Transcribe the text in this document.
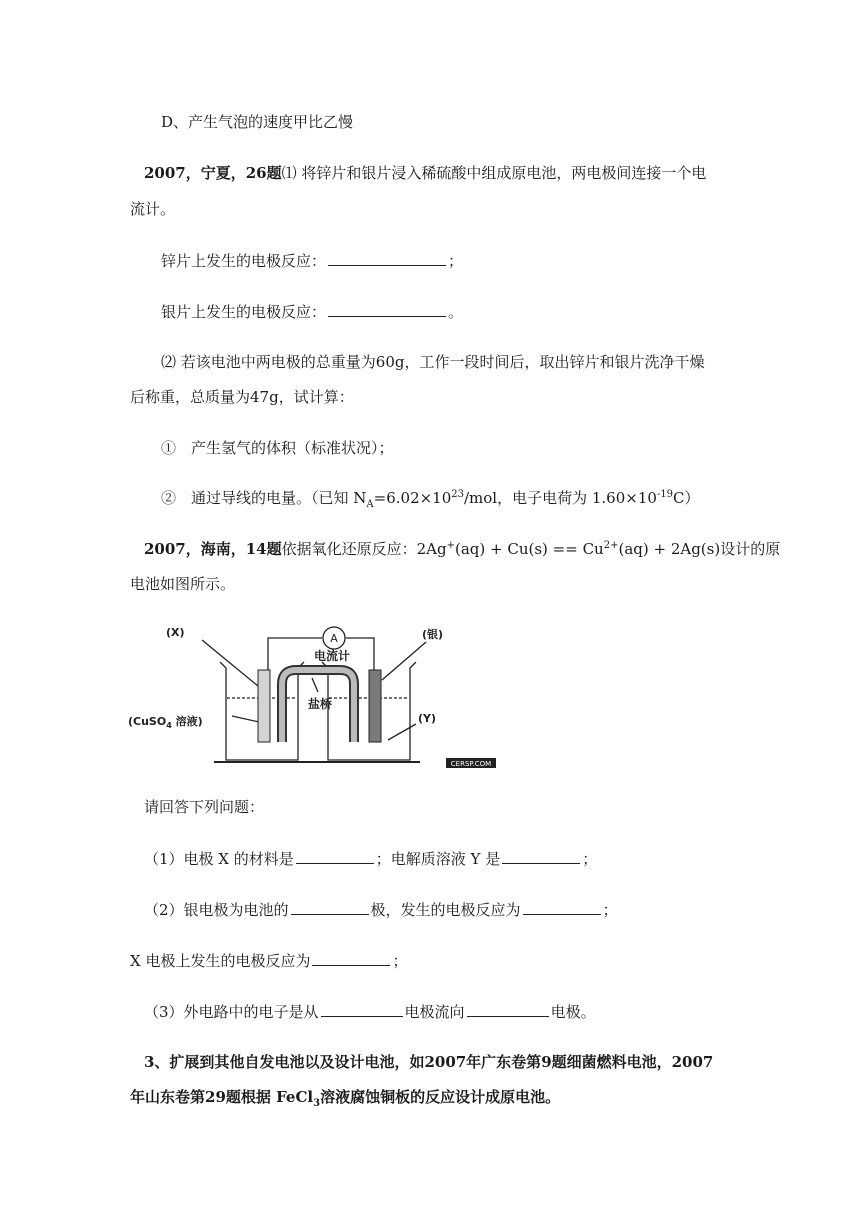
D、产生气泡的速度甲比乙慢
2007，宁夏，26题⑴ 将锌片和银片浸入稀硫酸中组成原电池，两电极间连接一个电
流计。
锌片上发生的电极反应：	；
银片上发生的电极反应：	。
⑵ 若该电池中两电极的总重量为60g，工作一段时间后，取出锌片和银片洗净干燥
后称重，总质量为47g，试计算：
①　产生氢气的体积（标准状况）；
②　通过导线的电量。（已知 $N_A=6.02\times 10^{23}$/mol，电子电荷为 $1.60\times 10^{-19}C$）
2007，海南，14题依据氧化还原反应：$2Ag^+(aq) + Cu(s) == Cu^{2+}(aq) + 2Ag(s)$设计的原
电池如图所示。
A
(X)	(银)
电流计
盐桥
(CuSO$_4$ 溶液)	(Y)
CERSP.COM
请回答下列问题：
（1）电极 X 的材料是	；电解质溶液 Y 是	；
（2）银电极为电池的	极，发生的电极反应为	；
X 电极上发生的电极反应为	；
（3）外电路中的电子是从	电极流向	电极。
3、扩展到其他自发电池以及设计电池，如2007年广东卷第9题细菌燃料电池，2007
年山东卷第29题根据 FeCl$_3$溶液腐蚀铜板的反应设计成原电池。
